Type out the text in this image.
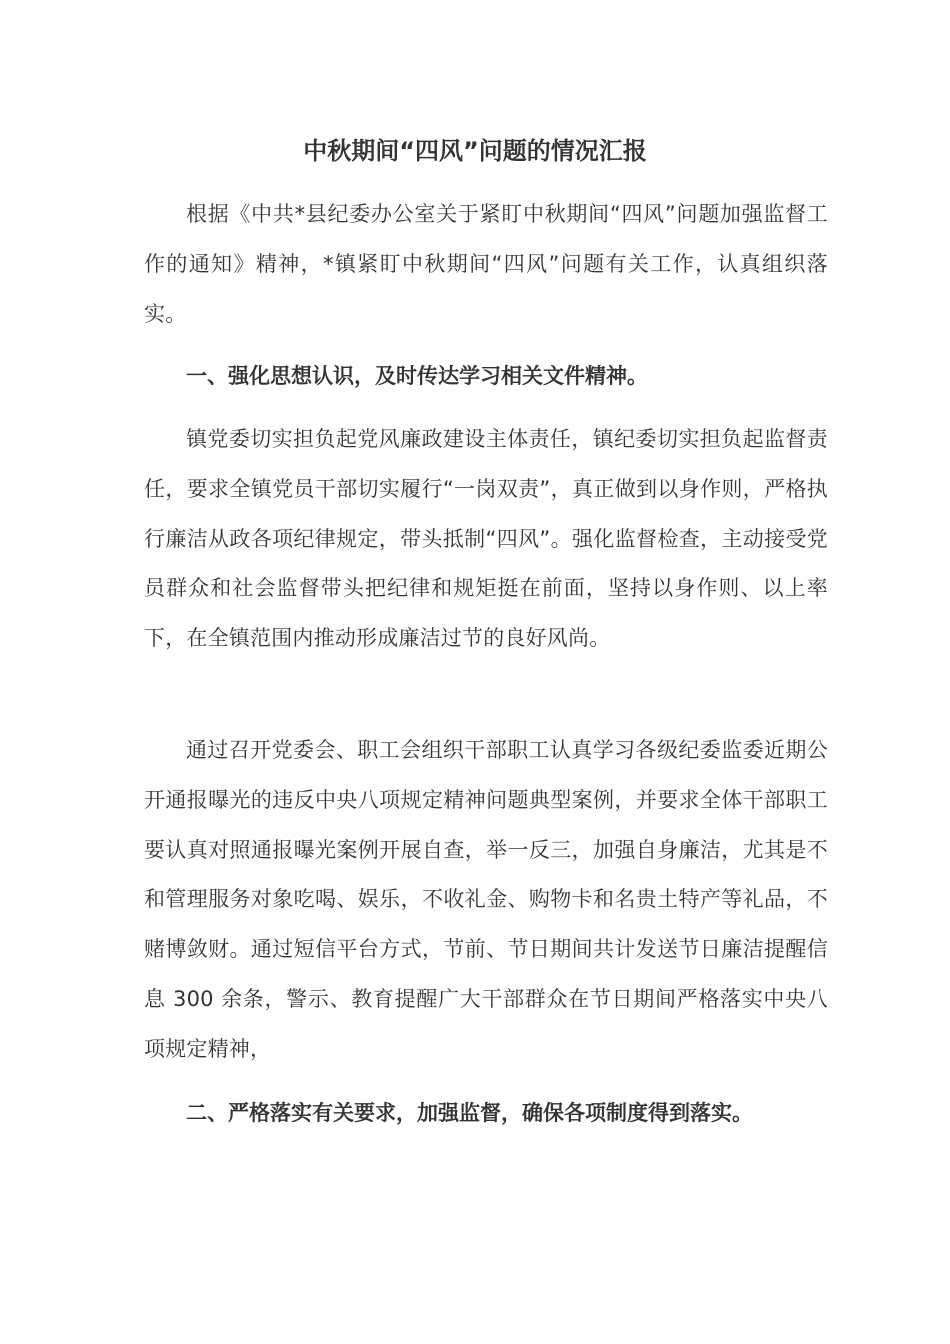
中秋期间“四风”问题的情况汇报

根据《中共*县纪委办公室关于紧盯中秋期间“四风”问题加强监督工作的通知》精神，*镇紧盯中秋期间“四风”问题有关工作，认真组织落实。

一、强化思想认识，及时传达学习相关文件精神。

镇党委切实担负起党风廉政建设主体责任，镇纪委切实担负起监督责任，要求全镇党员干部切实履行“一岗双责”，真正做到以身作则，严格执行廉洁从政各项纪律规定，带头抵制“四风”。强化监督检查，主动接受党员群众和社会监督带头把纪律和规矩挺在前面，坚持以身作则、以上率下，在全镇范围内推动形成廉洁过节的良好风尚。

通过召开党委会、职工会组织干部职工认真学习各级纪委监委近期公开通报曝光的违反中央八项规定精神问题典型案例，并要求全体干部职工要认真对照通报曝光案例开展自查，举一反三，加强自身廉洁，尤其是不和管理服务对象吃喝、娱乐，不收礼金、购物卡和名贵土特产等礼品，不赌博敛财。通过短信平台方式，节前、节日期间共计发送节日廉洁提醒信息 300 余条，警示、教育提醒广大干部群众在节日期间严格落实中央八项规定精神，

二、严格落实有关要求，加强监督，确保各项制度得到落实。
